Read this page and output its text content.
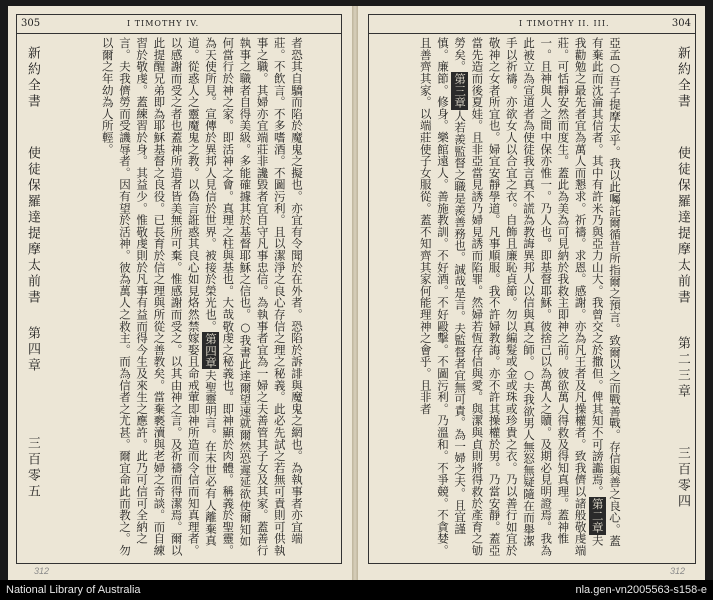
305	I TIMOTHY IV.
者恐其自驕而陷於魔鬼之擬也。亦宜有令聞於在外者。恐陷於訴誹與魔鬼之網也。為執事者亦宜端莊。不飲言。不多嗜酒。不圖污利。且以潔淨之良心存信之理之秘義。此必先試之若無可責則可供執事之職。其婦亦宜端莊非讒毀者宜自守凡事忠信。為執事者宜為一婦之夫善管其子女及其家。蓋善行執事之職者自得美級。多能確據其於基督耶穌之信也。○我書此達爾望速就爾然恐遲延欲使爾知如何當行於神之家。即活神之會。真理之柱與基也。大哉敬虔之秘義也。即神顯於肉體。稱義於聖靈。為天使所見。宣傳於異邦人見信於世界。被接於榮光也。第四章夫聖靈明言。在末世必有人離棄真道。從惑人之靈魔鬼之教。以偽言誑惑其良心如見烙然禁嫁娶且命戒葷即神所造而令信而知真理者。以感謝而受之者也蓋神所造者皆美無所可棄。惟感謝而受之。以其由神之言。及祈禱而得潔焉。爾以此提醒兄弟即為耶穌基督之良役。已長育於信之理與所從之善教矣。當棄褻瀆與老婦之奇談。而自練習於敬虔。蓋練習於身。其益少。惟敬虔則於凡事有益而得今生及來生之應許。此乃可信可全納之言。夫我儕勞而受譏辱者。因有望於活神。彼為萬人之救主。而為信者之尤甚。爾宜命此而教之。勿以爾之年幼為人所輕。
三百零五
第四章
使徒保羅達提摩太前書
新約全書
312
I TIMOTHY II. III.	304
亞孟○吾子提摩太乎。我以此囑託爾循昔所指爾之預言。致爾以之而戰善戰。存信與善之良心。蓋有棄此而沈淪其信者。其中有許米乃與亞力山大。我曾交之於撒但。俾其知不可謗讟焉。第二章夫我勸勉之最先者宜為萬人而懇求。祈禱。求恩。感謝。亦為凡王者及凡操權者。致我儕以諸般敬虔端莊。可恬靜安然而度生。蓋此為美為可見納於我救主即神之前。彼欲萬人得救及得知真理。蓋神惟一。且神與人之間中保亦惟一。乃人也。即基督耶穌。彼捨己以為萬人之贖。及期必見明證焉。我為此被立為宣道者為使徒我言真不謊為教誨異邦人以信與真之師。○夫我欲男人無怒無疑隨在而舉潔手以祈禱。亦欲女人以合宜之衣。自飾且廉恥貞節。勿以編髮或金或珠或珍貴之衣。乃以善行如宜於敬神之女者所宜也。婦宜安靜學道。凡事順服。我不許婦教誨。亦不許其操權於男。乃當安靜。蓋亞當先造而後夏娃。且非亞當見誘乃婦見誘而陷罪。然婦若恆存信與愛。與潔與貞則將得救於產育之劬勞矣。第三章人若羨監督之職是羨善務也。誠哉是言。夫監督者宜無可責。為一婦之夫。且宜謹慎。廉節。修身。樂館遠人。善施教訓。不好酒。不好毆擊。不圖污利。乃溫和。不爭競。不貪婪。且善齊其家。以端莊使子女服從。蓋不知齊其家何能理神之會乎。且非者	新約全書
使徒保羅達提摩太前書
第二三章
三百零四
312
National Library of Australia	nla.gen-vn2005563-s158-e
